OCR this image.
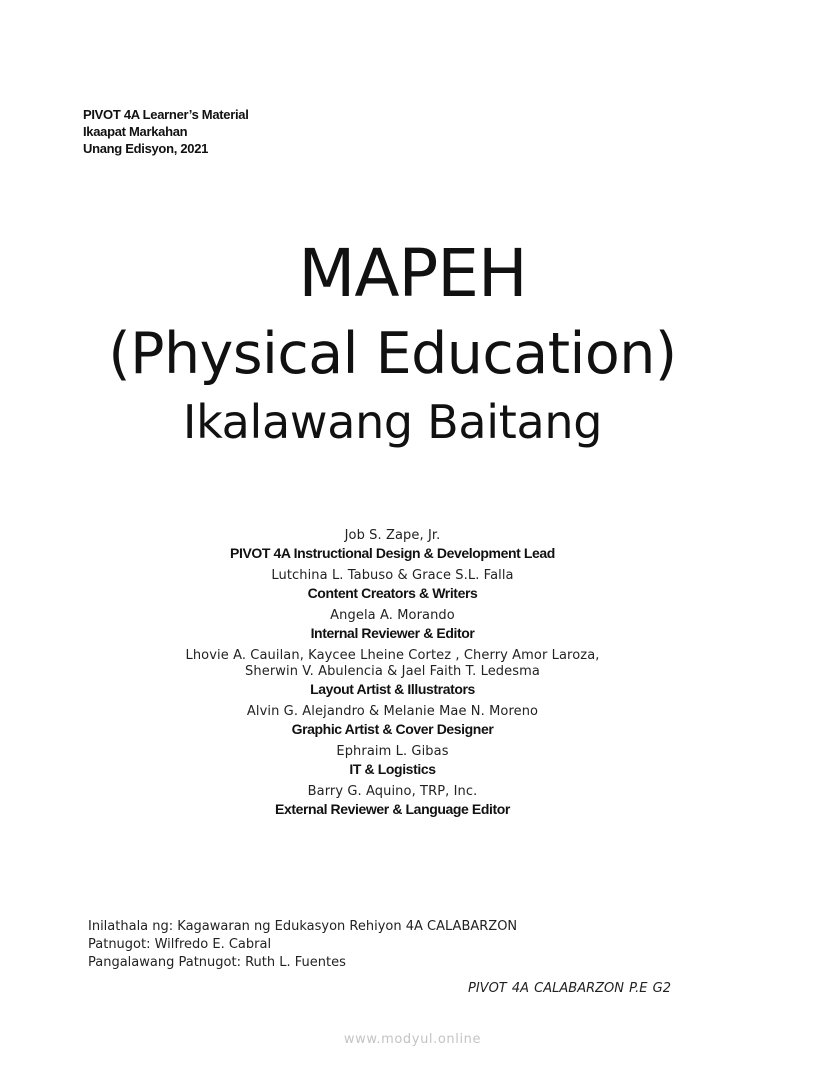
PIVOT 4A Learner’s Material
Ikaapat Markahan
Unang Edisyon, 2021
MAPEH
(Physical Education)
Ikalawang Baitang
Job S. Zape, Jr.
PIVOT 4A Instructional Design & Development Lead
Lutchina L. Tabuso & Grace S.L. Falla
Content Creators & Writers
Angela A. Morando
Internal Reviewer & Editor
Lhovie A. Cauilan, Kaycee Lheine Cortez , Cherry Amor Laroza,
Sherwin V. Abulencia & Jael Faith T. Ledesma
Layout Artist & Illustrators
Alvin G. Alejandro & Melanie Mae N. Moreno
Graphic Artist & Cover Designer
Ephraim L. Gibas
IT & Logistics
Barry G. Aquino, TRP, Inc.
External Reviewer & Language Editor
Inilathala ng: Kagawaran ng Edukasyon Rehiyon 4A CALABARZON
Patnugot: Wilfredo E. Cabral
Pangalawang Patnugot: Ruth L. Fuentes
PIVOT 4A CALABARZON P.E G2
www.modyul.online
